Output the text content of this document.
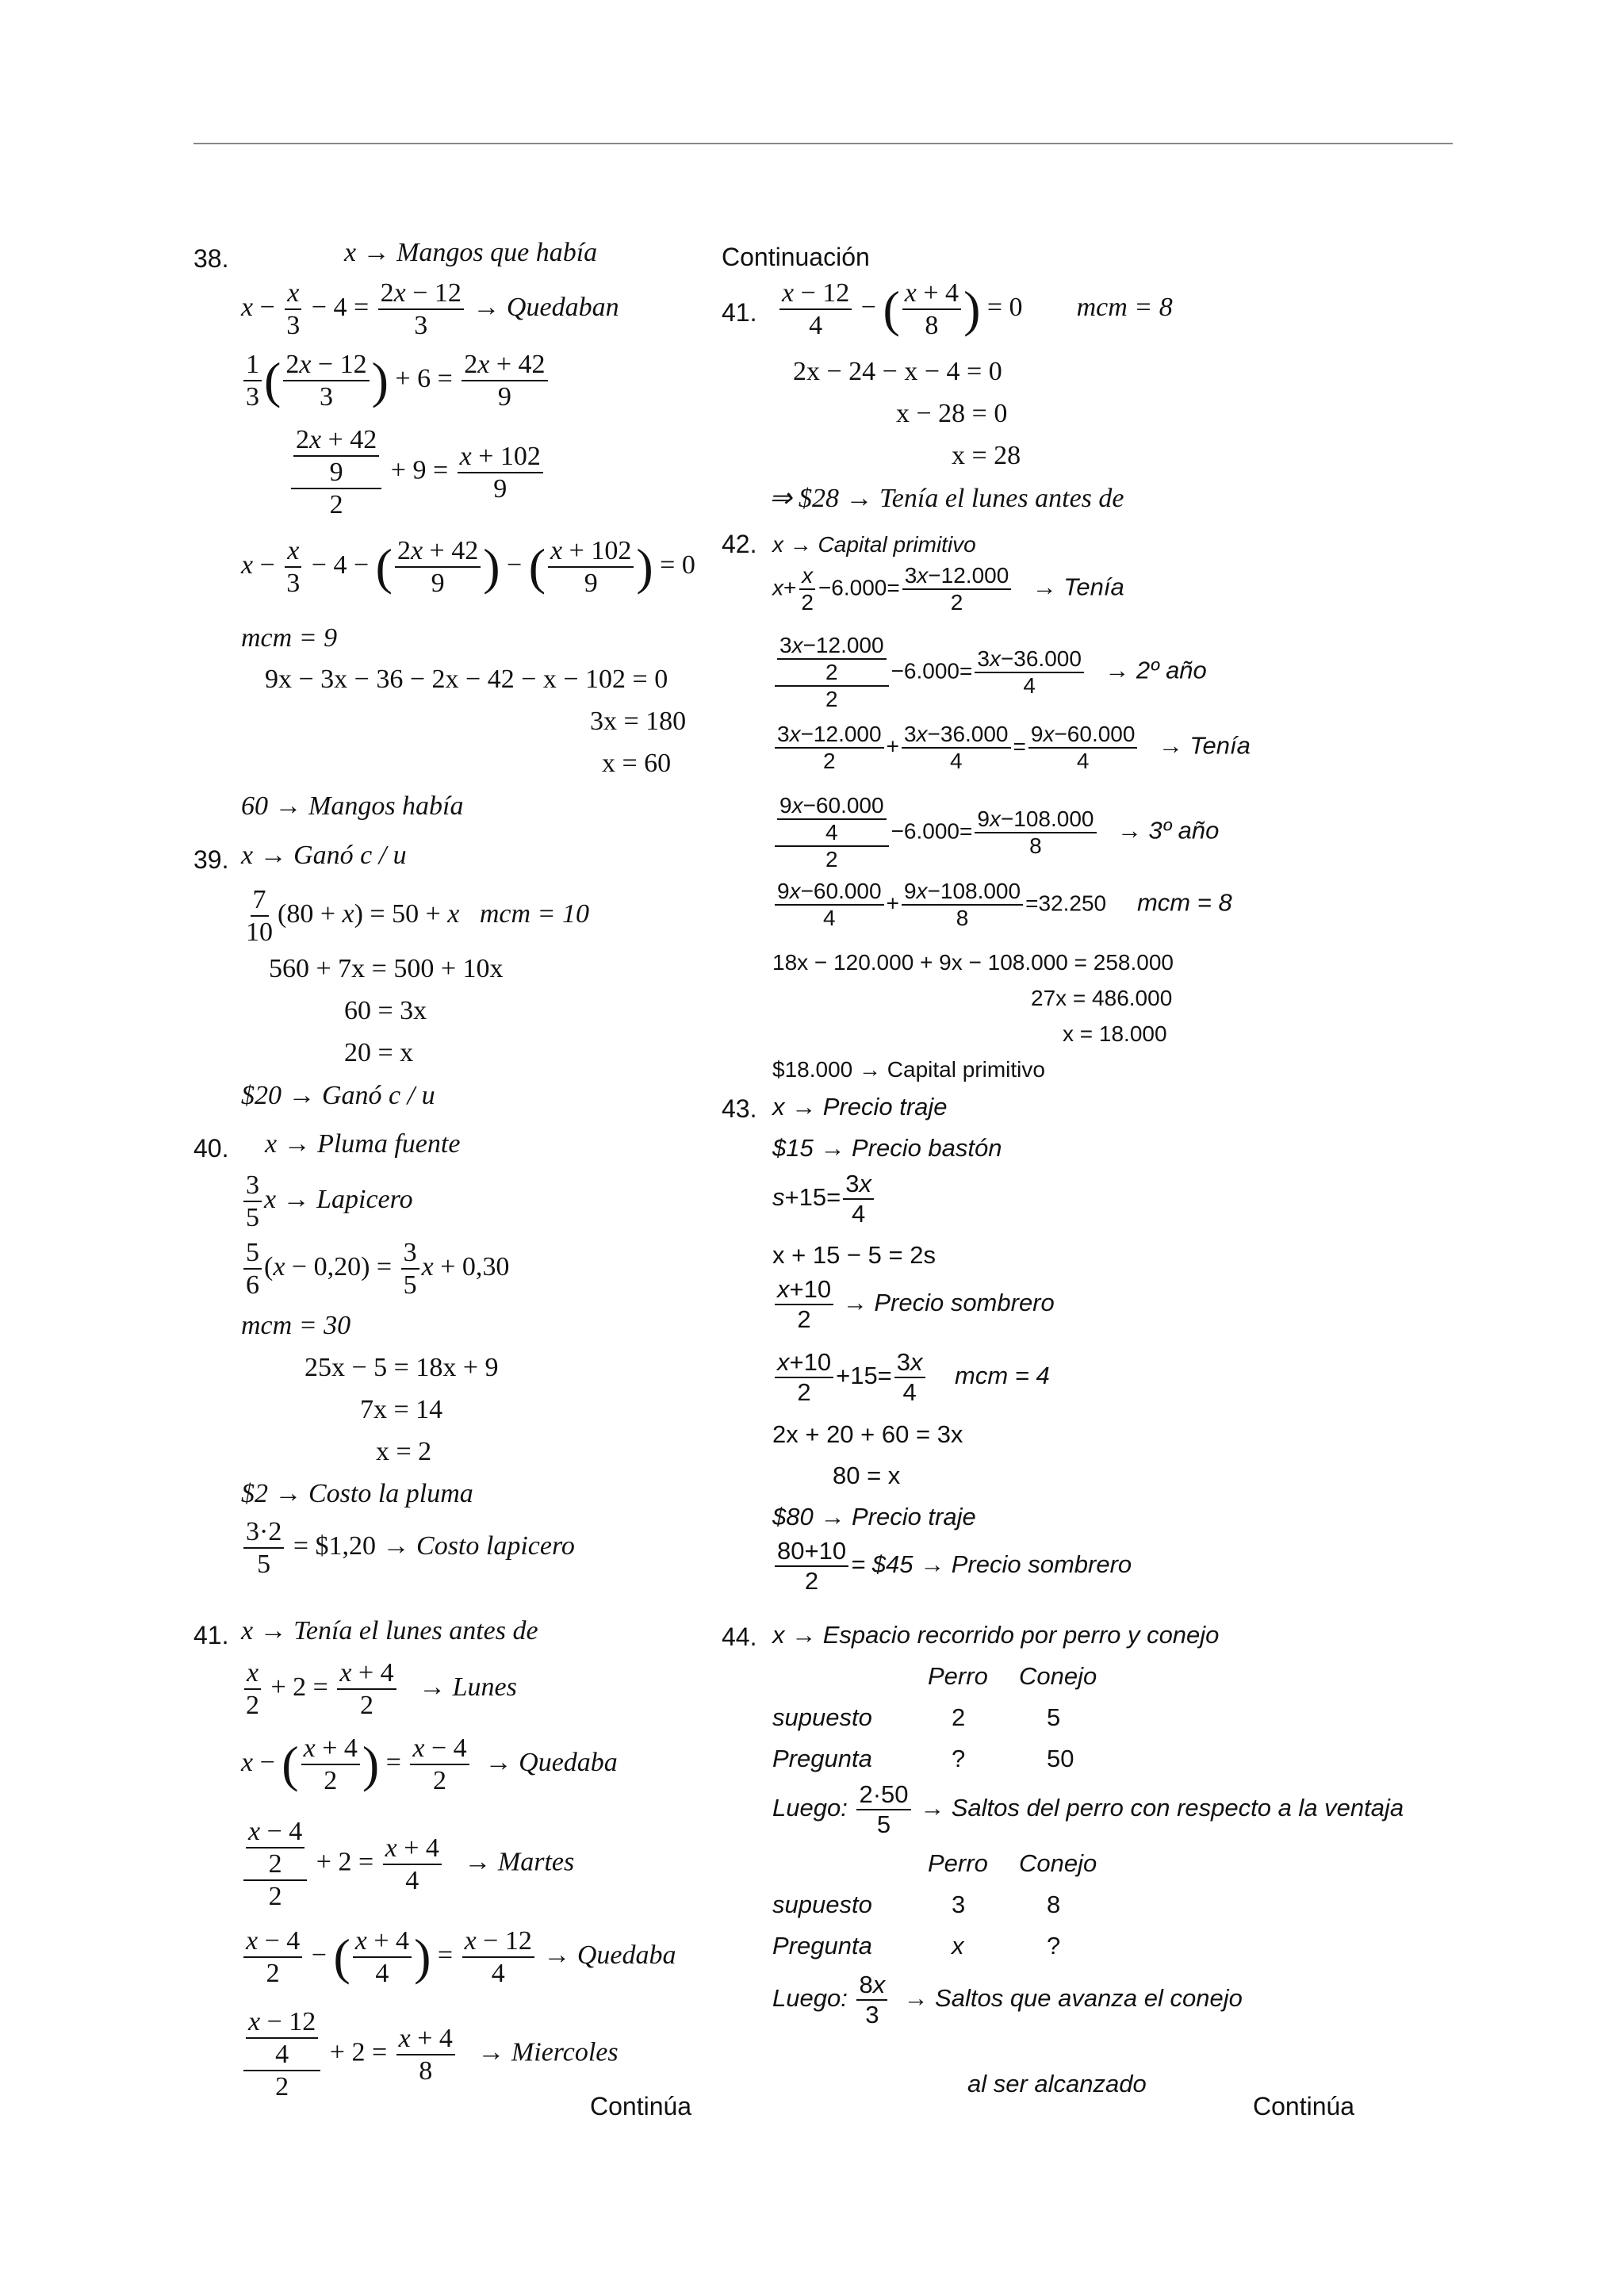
38.	x → Mangos que había
$x - \frac{x}{3} - 4 = \frac{2x - 12}{3}$ → Quedaban
$\frac{1}{3}$ ( $\frac{2x - 12}{3}$ ) + $6 = \frac{2x + 42}{9}$
$\frac{\frac{2x + 42}{9}}{2} + 9 = \frac{x + 102}{9}$
$x - \frac{x}{3} - 4$ − ( $\frac{2x + 42}{9}$ ) − ( $\frac{x + 102}{9}$ ) = 0
mcm = 9
9x − 3x − 36 − 2x − 42 − x − 102 = 0
3x = 180
x = 60
60 → Mangos había
39. x → Ganó c / u
$\frac{7}{10} (80 + x) = 50 + x$ mcm = 10
560 + 7x = 500 + 10x
60 = 3x
20 = x
$20 → Ganó c / u
40. x → Pluma fuente
$\frac{3}{5}$ x → Lapicero
$\frac{5}{6} (x - 0,20) = \frac{3}{5}$ x + 0,30
mcm = 30
25x − 5 = 18x + 9
7x = 14
x = 2
$2 → Costo la pluma
$\frac{3\cdot 2}{5}$ = $1,20 → Costo lapicero
41. x → Tenía el lunes antes de
$\frac{x}{2} + 2 = \frac{x + 4}{2}$ → Lunes
x − ( $\frac{x + 4}{2}$ ) = $\frac{x - 4}{2}$ → Quedaba
$\frac{\frac{x - 4}{2}}{2} + 2 = \frac{x + 4}{4}$ → Martes
$\frac{x - 4}{2}$ − ( $\frac{x + 4}{4}$ ) = $\frac{x - 12}{4}$ → Quedaba
$\frac{\frac{x - 12}{4}}{2} + 2 = \frac{x + 4}{8}$ → Miercoles
Continúa
Continuación
41. $\frac{x - 12}{4}$ − ( $\frac{x + 4}{8}$ ) = 0        mcm = 8
2x − 24 − x − 4 = 0
x − 28 = 0
x = 28
⇒ $28 → Tenía el lunes antes de
42. x → Capital primitivo
$x+ \frac{x}{2} -6.000= \frac{3x-12.000}{2}$ → Tenía
$\frac{\frac{3x-12.000}{2}}{2} -6.000= \frac{3x-36.000}{4}$ → 2º año
$\frac{3x-12.000}{2} + \frac{3x-36.000}{4} = \frac{9x-60.000}{4}$ → Tenía
$\frac{\frac{9x-60.000}{4}}{2} -6.000= \frac{9x-108.000}{8}$ → 3º año
$\frac{9x-60.000}{4} + \frac{9x-108.000}{8} =32.250$     mcm = 8
18x − 120.000 + 9x − 108.000 = 258.000
27x = 486.000
x = 18.000
$18.000 → Capital primitivo
43. x → Precio traje
$15 → Precio bastón
$s+15= \frac{3x}{4}$
x + 15 − 5 = 2s
$\frac{x+10}{2}$ → Precio sombrero
$\frac{x+10}{2} +15= \frac{3x}{4}$ mcm = 4
2x + 20 + 60 = 3x
80 = x
$80 → Precio traje
$\frac{80+10}{2}$ = $45 → Precio sombrero
44. x → Espacio recorrido por perro y conejo
Perro Conejo
supuesto	2	5
Pregunta	?	50
Luego: $\frac{2\cdot 50}{5}$ → Saltos del perro con respecto a la ventaja
Perro Conejo
supuesto	3	8
Pregunta	x	?
Luego: $\frac{8x}{3}$ → Saltos que avanza el conejo
al ser alcanzado
Continúa
